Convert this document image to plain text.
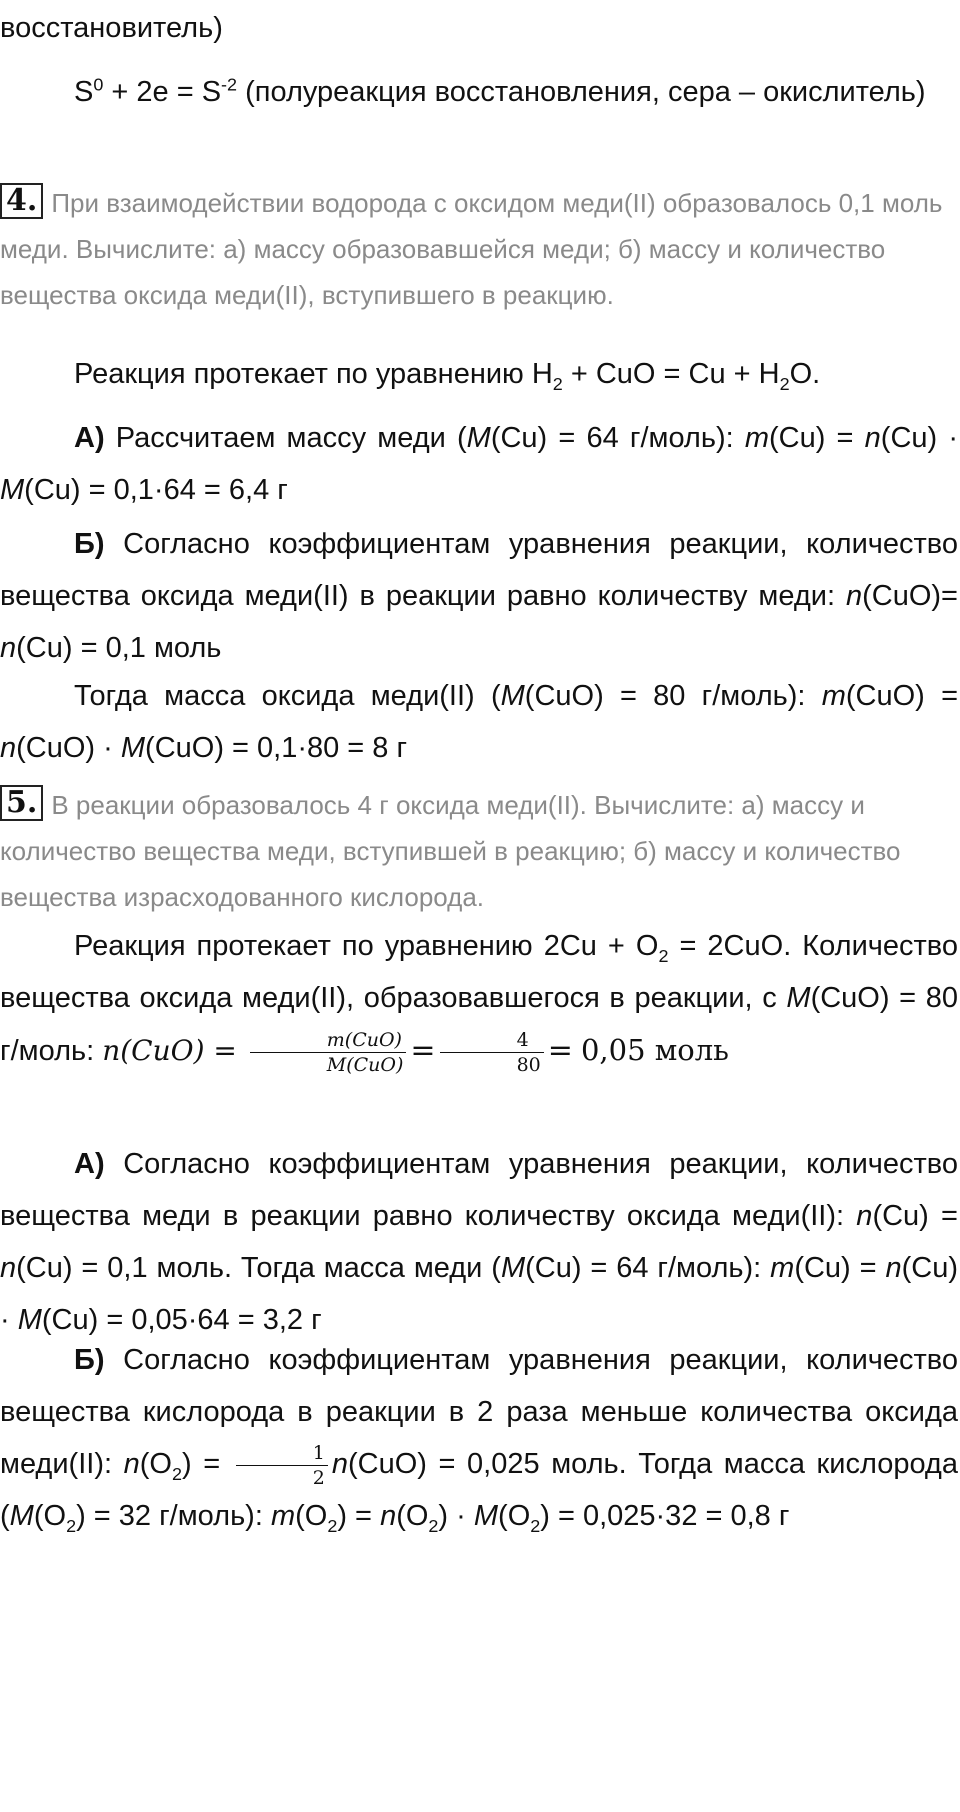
восстановитель)

$S^0 + 2e = S^{-2}$ (полуреакция восстановления, сера – окислитель)

4. При взаимодействии водорода с оксидом меди(II) образовалось 0,1 моль меди. Вычислите: а) массу образовавшейся меди; б) массу и количество вещества оксида меди(II), вступившего в реакцию.

Реакция протекает по уравнению $H_2$ + CuO = $Cu + H_2O$.

А) Рассчитаем массу меди (M(Cu) = 64 г/моль): m(Cu) = n(Cu) · M(Cu) = 0,1·64 = 6,4 г

Б) Согласно коэффициентам уравнения реакции, количество вещества оксида меди(II) в реакции равно количеству меди: n(CuO)= n(Cu) = 0,1 моль

Тогда масса оксида меди(II) (M(CuO) = 80 г/моль): m(CuO) = n(CuO) · M(CuO) = 0,1·80 = 8 г

5. В реакции образовалось 4 г оксида меди(II). Вычислите: а) массу и количество вещества меди, вступившей в реакцию; б) массу и количество вещества израсходованного кислорода.

Реакция протекает по уравнению $2Cu + O_2 = 2CuO$. Количество вещества оксида меди(II), образовавшегося в реакции, с M(CuO) = 80 г/моль: $n(CuO) = \frac{\text{m(CuO)}}{\text{M(CuO)}} = \frac{4}{80} = 0,05$ моль

А) Согласно коэффициентам уравнения реакции, количество вещества меди в реакции равно количеству оксида меди(II): n(Cu) = n(Cu) = 0,1 моль. Тогда масса меди (M(Cu) = 64 г/моль): m(Cu) = n(Cu) · M(Cu) = 0,05·64 = 3,2 г

Б) Согласно коэффициентам уравнения реакции, количество вещества кислорода в реакции в 2 раза меньше количества оксида меди(II): $n(O_2) = \frac{1}{2} n(CuO) = 0,025$ моль. Тогда масса кислорода ($M(O_2) = 32$ г/моль): $m(O_2) = n(O_2) \cdot M(O_2) = 0,025\cdot 32 = 0,8$ г
